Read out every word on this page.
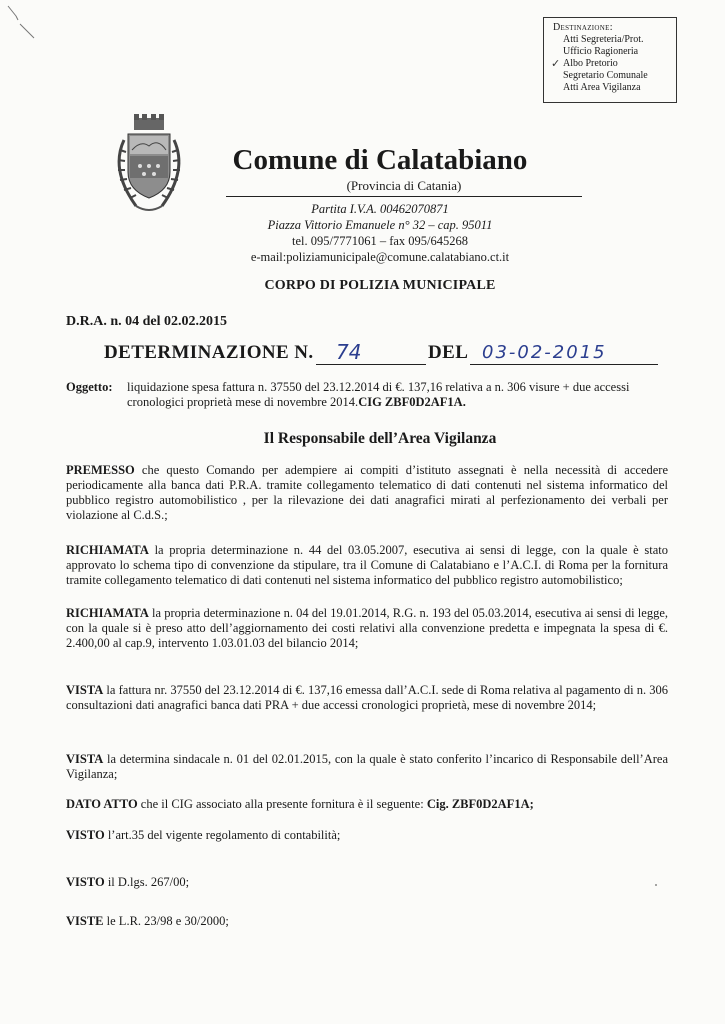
Destinazione:
Atti Segreteria/Prot.
Ufficio Ragioneria
✓ Albo Pretorio
Segretario Comunale
Atti Area Vigilanza
Comune di Calatabiano
(Provincia di Catania)
Partita I.V.A. 00462070871
Piazza Vittorio Emanuele n° 32 – cap. 95011
tel. 095/7771061 – fax 095/645268
e-mail:poliziamunicipale@comune.calatabiano.ct.it
CORPO DI POLIZIA MUNICIPALE
D.R.A. n. 04 del 02.02.2015
DETERMINAZIONE N. 74	DEL 03-02-2015
Oggetto: liquidazione spesa fattura n. 37550 del 23.12.2014 di €. 137,16 relativa a n. 306 visure + due accessi cronologici proprietà mese di novembre 2014.CIG ZBF0D2AF1A.
Il Responsabile dell’Area Vigilanza
PREMESSO che questo Comando per adempiere ai compiti d’istituto assegnati è nella necessità di accedere periodicamente alla banca dati P.R.A. tramite collegamento telematico di dati contenuti nel sistema informatico del pubblico registro automobilistico , per la rilevazione dei dati anagrafici mirati al perfezionamento dei verbali per violazione al C.d.S.;
RICHIAMATA la propria determinazione n. 44 del 03.05.2007, esecutiva ai sensi di legge, con la quale è stato approvato lo schema tipo di convenzione da stipulare, tra il Comune di Calatabiano e l’A.C.I. di Roma per la fornitura tramite collegamento telematico di dati contenuti nel sistema informatico del pubblico registro automobilistico;
RICHIAMATA la propria determinazione n. 04 del 19.01.2014, R.G. n. 193 del 05.03.2014, esecutiva ai sensi di legge, con la quale si è preso atto dell’aggiornamento dei costi relativi alla convenzione predetta e impegnata la spesa di €. 2.400,00 al cap.9, intervento 1.03.01.03 del bilancio 2014;
VISTA la fattura nr. 37550 del 23.12.2014 di €. 137,16 emessa dall’A.C.I. sede di Roma relativa al pagamento di n. 306 consultazioni dati anagrafici banca dati PRA + due accessi cronologici proprietà, mese di novembre 2014;
VISTA la determina sindacale n. 01 del 02.01.2015, con la quale è stato conferito l’incarico di Responsabile dell’Area Vigilanza;
DATO ATTO che il CIG associato alla presente fornitura è il seguente: Cig. ZBF0D2AF1A;
VISTO l’art.35 del vigente regolamento di contabilità;
VISTO il D.lgs. 267/00;
VISTE le L.R. 23/98 e 30/2000;
